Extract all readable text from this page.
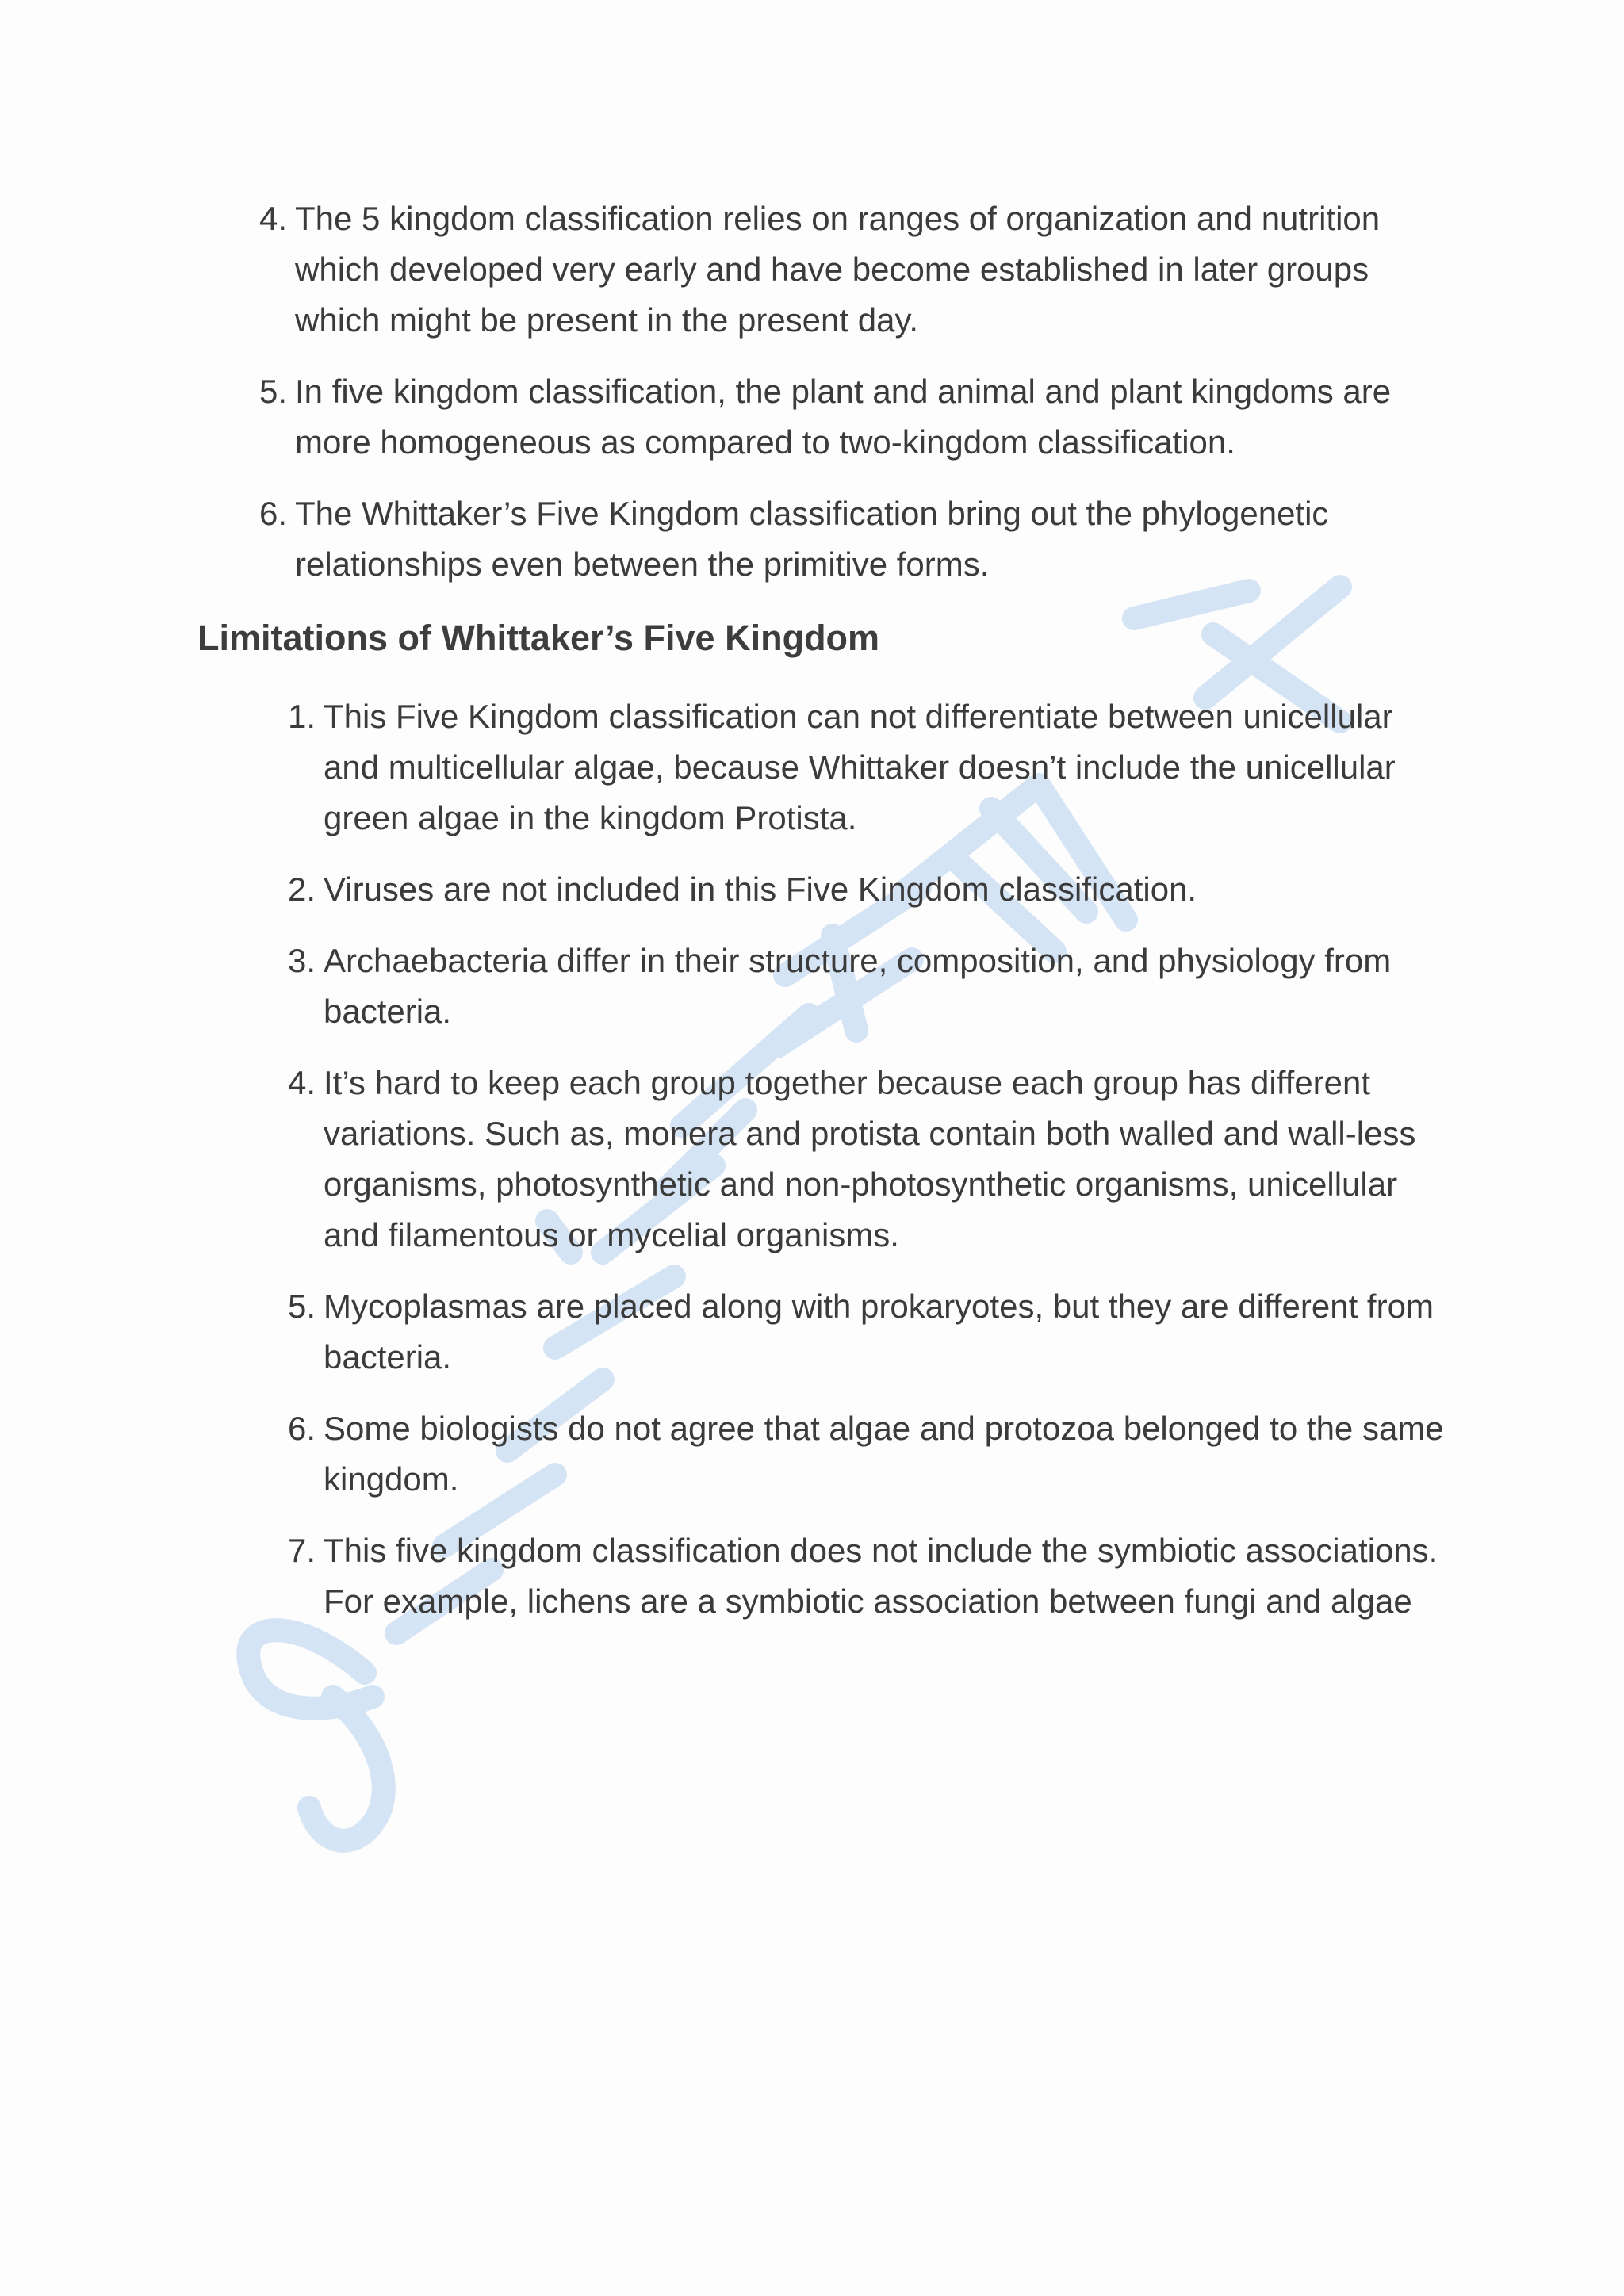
4. The 5 kingdom classification relies on ranges of organization and nutrition which developed very early and have become established in later groups which might be present in the present day.
5. In five kingdom classification, the plant and animal and plant kingdoms are more homogeneous as compared to two-kingdom classification.
6. The Whittaker’s Five Kingdom classification bring out the phylogenetic relationships even between the primitive forms.
Limitations of Whittaker’s Five Kingdom
1. This Five Kingdom classification can not differentiate between unicellular and multicellular algae, because Whittaker doesn’t include the unicellular green algae in the kingdom Protista.
2. Viruses are not included in this Five Kingdom classification.
3. Archaebacteria differ in their structure, composition, and physiology from bacteria.
4. It’s hard to keep each group together because each group has different variations. Such as, monera and protista contain both walled and wall-less organisms, photosynthetic and non-photosynthetic organisms, unicellular and filamentous or mycelial organisms.
5. Mycoplasmas are placed along with prokaryotes, but they are different from bacteria.
6. Some biologists do not agree that algae and protozoa belonged to the same kingdom.
7. This five kingdom classification does not include the symbiotic associations. For example, lichens are a symbiotic association between fungi and algae
